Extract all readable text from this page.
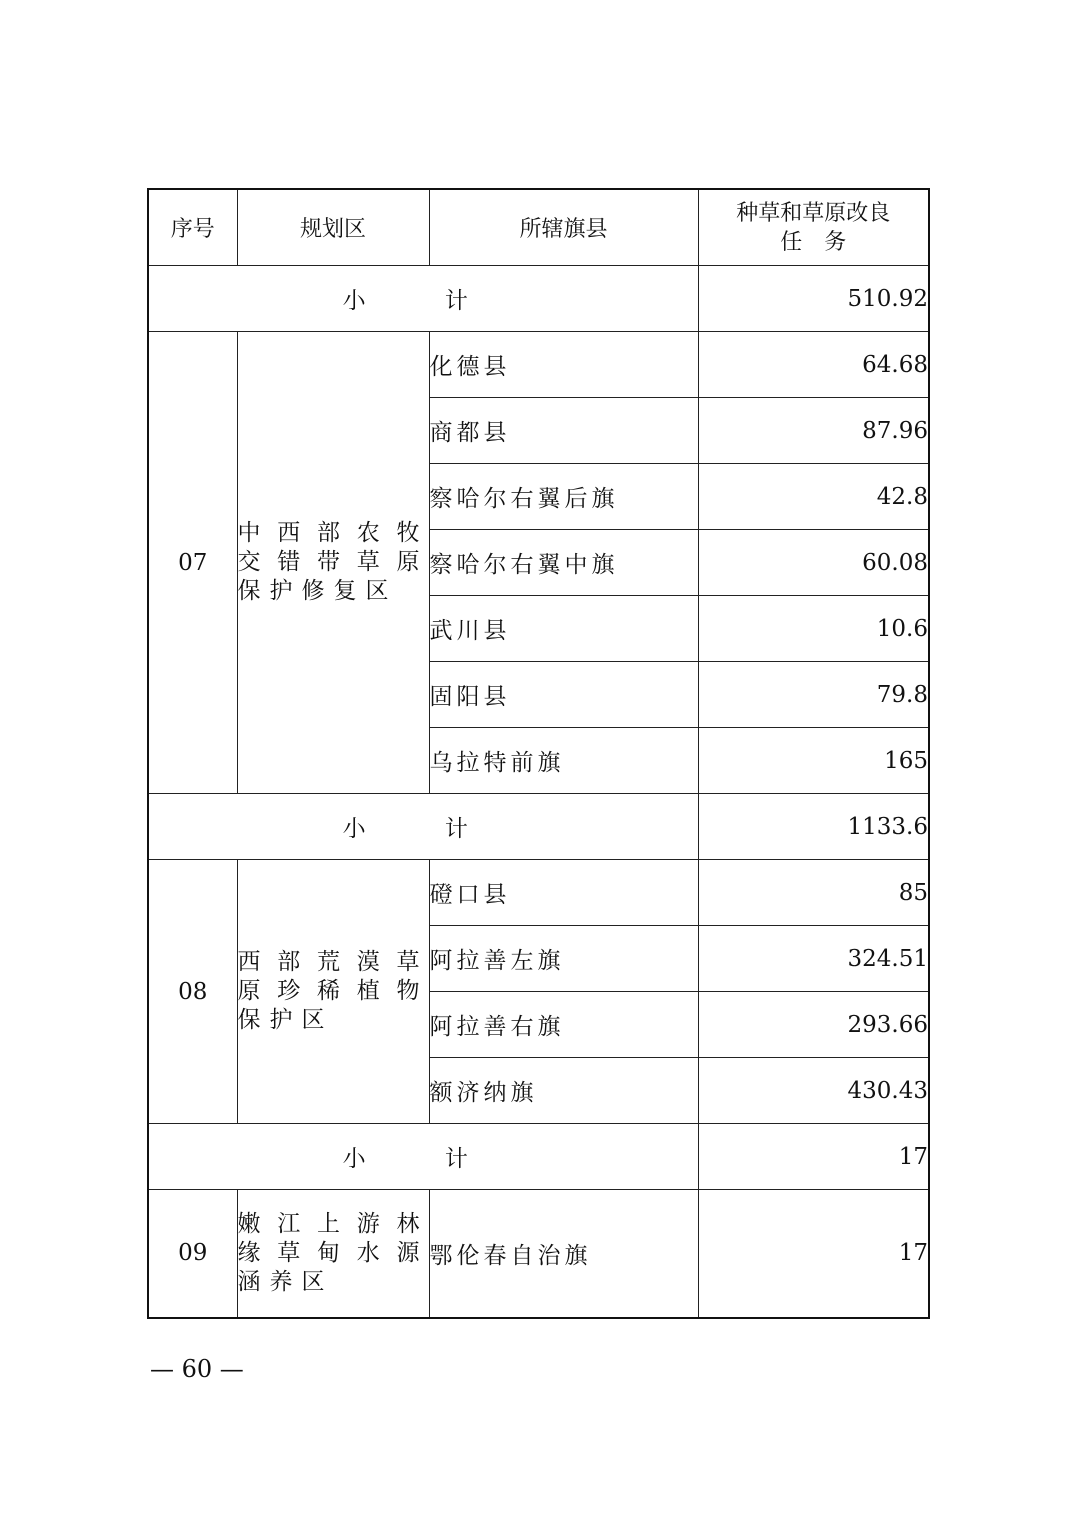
序号	规划区	所辖旗县	种草和草原改良
任　务

小 计			510.92
07	中西部农牧交错带草原保护修复区	化德县	64.68
		商都县	87.96
		察哈尔右翼后旗	42.8
		察哈尔右翼中旗	60.08
		武川县	10.6
		固阳县	79.8
		乌拉特前旗	165
小 计			1133.6
08	西部荒漠草原珍稀植物保护区	磴口县	85
		阿拉善左旗	324.51
		阿拉善右旗	293.66
		额济纳旗	430.43
小 计			17
09	嫩江上游林缘草甸水源涵养区	鄂伦春自治旗	17
— 60 —
